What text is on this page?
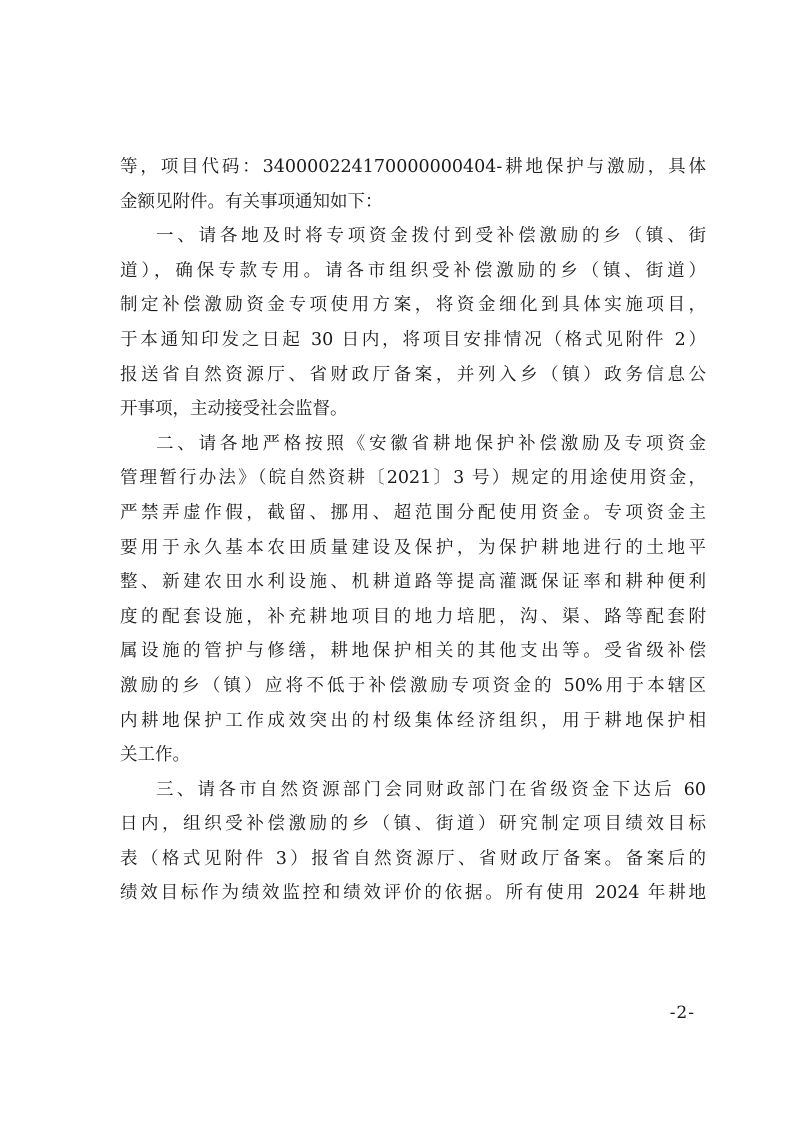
等，项目代码：340000224170000000404-耕地保护与激励，具体
金额见附件。有关事项通知如下：
一、请各地及时将专项资金拨付到受补偿激励的乡（镇、街
道），确保专款专用。请各市组织受补偿激励的乡（镇、街道）
制定补偿激励资金专项使用方案，将资金细化到具体实施项目，
于本通知印发之日起 30 日内，将项目安排情况（格式见附件 2）
报送省自然资源厅、省财政厅备案，并列入乡（镇）政务信息公
开事项，主动接受社会监督。
二、请各地严格按照《安徽省耕地保护补偿激励及专项资金
管理暂行办法》（皖自然资耕〔2021〕3 号）规定的用途使用资金，
严禁弄虚作假，截留、挪用、超范围分配使用资金。专项资金主
要用于永久基本农田质量建设及保护，为保护耕地进行的土地平
整、新建农田水利设施、机耕道路等提高灌溉保证率和耕种便利
度的配套设施，补充耕地项目的地力培肥，沟、渠、路等配套附
属设施的管护与修缮，耕地保护相关的其他支出等。受省级补偿
激励的乡（镇）应将不低于补偿激励专项资金的 50%用于本辖区
内耕地保护工作成效突出的村级集体经济组织，用于耕地保护相
关工作。
三、请各市自然资源部门会同财政部门在省级资金下达后 60
日内，组织受补偿激励的乡（镇、街道）研究制定项目绩效目标
表（格式见附件 3）报省自然资源厅、省财政厅备案。备案后的
绩效目标作为绩效监控和绩效评价的依据。所有使用 2024 年耕地
-2-
